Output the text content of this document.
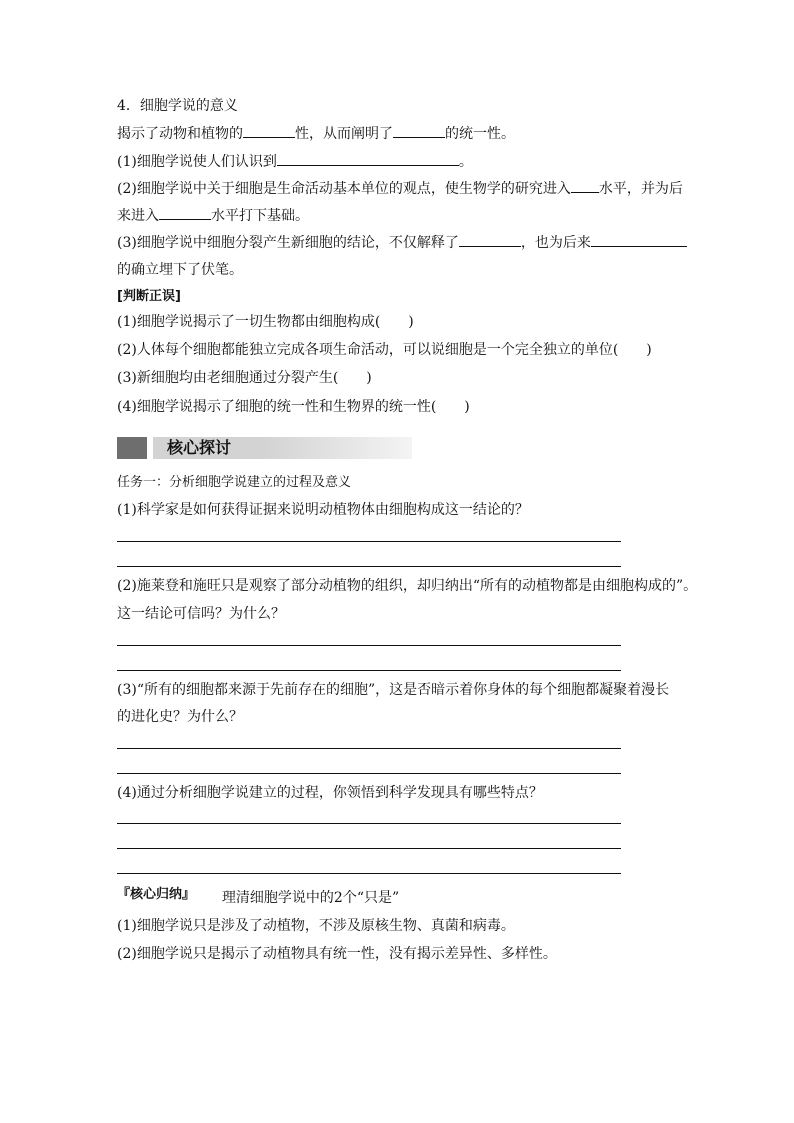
4．细胞学说的意义
揭示了动物和植物的	性，从而阐明了	的统一性。
(1)细胞学说使人们认识到	。
(2)细胞学说中关于细胞是生命活动基本单位的观点，使生物学的研究进入 水平，并为后
来进入	水平打下基础。
(3)细胞学说中细胞分裂产生新细胞的结论，不仅解释了	，也为后来
的确立埋下了伏笔。
[判断正误]
(1)细胞学说揭示了一切生物都由细胞构成(　　)
(2)人体每个细胞都能独立完成各项生命活动，可以说细胞是一个完全独立的单位(　　)
(3)新细胞均由老细胞通过分裂产生(　　)
(4)细胞学说揭示了细胞的统一性和生物界的统一性(　　)
核心探讨
任务一：分析细胞学说建立的过程及意义
(1)科学家是如何获得证据来说明动植物体由细胞构成这一结论的？
(2)施莱登和施旺只是观察了部分动植物的组织，却归纳出“所有的动植物都是由细胞构成的”。
这一结论可信吗？为什么？
(3)“所有的细胞都来源于先前存在的细胞”，这是否暗示着你身体的每个细胞都凝聚着漫长
的进化史？为什么？
(4)通过分析细胞学说建立的过程，你领悟到科学发现具有哪些特点？
『核心归纳』 理清细胞学说中的2个“只是”
(1)细胞学说只是涉及了动植物，不涉及原核生物、真菌和病毒。
(2)细胞学说只是揭示了动植物具有统一性，没有揭示差异性、多样性。
